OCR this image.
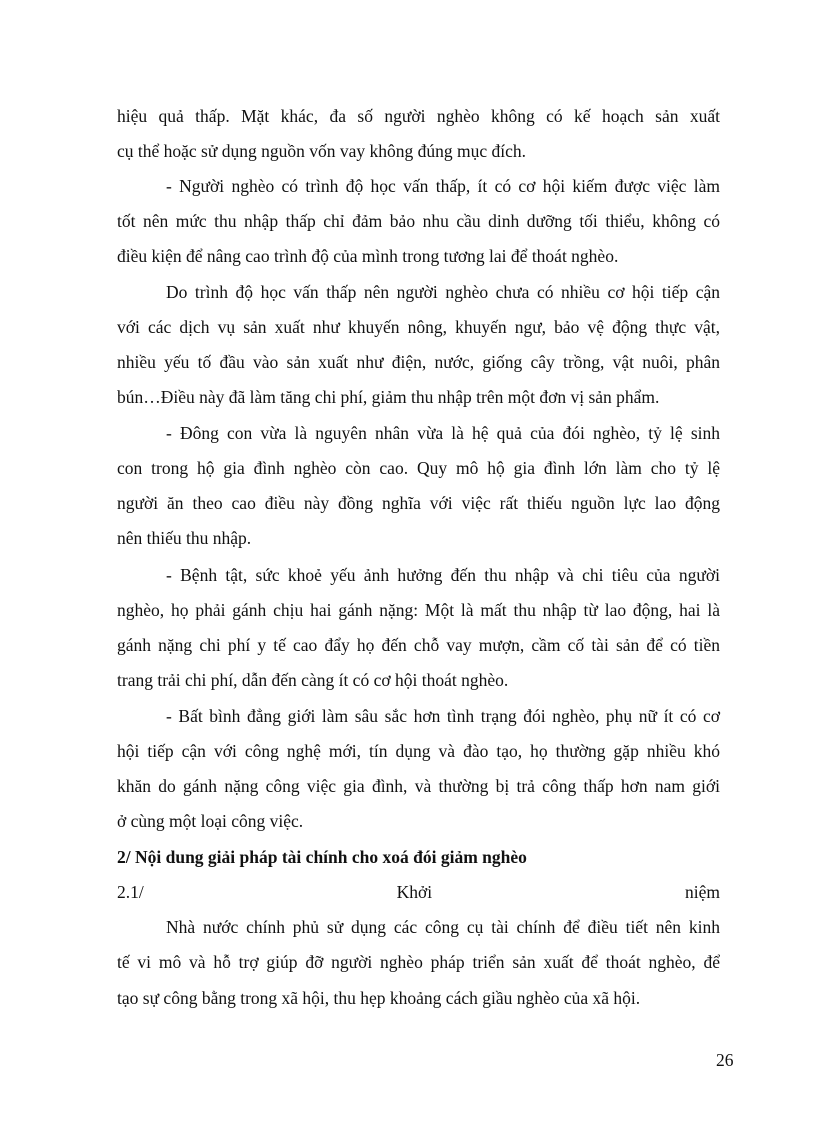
hiệu quả thấp. Mặt khác, đa số người nghèo không có kế hoạch sản xuất
cụ thể hoặc sử dụng nguồn vốn vay không đúng mục đích.
- Người nghèo có trình độ học vấn thấp, ít có cơ hội kiếm được việc làm
tốt nên mức thu nhập thấp chỉ đảm bảo nhu cầu dinh dưỡng tối thiểu, không có
điều kiện để nâng cao trình độ của mình trong tương lai để thoát nghèo.
Do trình độ học vấn thấp nên người nghèo chưa có nhiều cơ hội tiếp cận
với các dịch vụ sản xuất như khuyến nông, khuyến ngư, bảo vệ động thực vật,
nhiều yếu tố đầu vào sản xuất như điện, nước, giống cây trồng, vật nuôi, phân
bún…Điều này đã làm tăng chi phí, giảm thu nhập trên một đơn vị sản phẩm.
- Đông con vừa là nguyên nhân vừa là hệ quả của đói nghèo, tỷ lệ sinh
con trong hộ gia đình nghèo còn cao. Quy mô hộ gia đình lớn làm cho tỷ lệ
người ăn theo cao điều này đồng nghĩa với việc rất thiếu nguồn lực lao động
nên thiếu thu nhập.
- Bệnh tật, sức khoẻ yếu ảnh hưởng đến thu nhập và chi tiêu của người
nghèo, họ phải gánh chịu hai gánh nặng: Một là mất thu nhập từ lao động, hai là
gánh nặng chi phí y tế cao đẩy họ đến chỗ vay mượn, cầm cố tài sản để có tiền
trang trải chi phí, dẫn đến càng ít có cơ hội thoát nghèo.
- Bất bình đẳng giới làm sâu sắc hơn tình trạng đói nghèo, phụ nữ ít có cơ
hội tiếp cận với công nghệ mới, tín dụng và đào tạo, họ thường gặp nhiều khó
khăn do gánh nặng công việc gia đình, và thường bị trả công thấp hơn nam giới
ở cùng một loại công việc.
2/ Nội dung giải pháp tài chính cho xoá đói giảm nghèo
2.1/	Khởi	niệm
Nhà nước chính phủ sử dụng các công cụ tài chính để điều tiết nên kinh
tế vi mô và hỗ trợ giúp đỡ người nghèo pháp triển sản xuất để thoát nghèo, để
tạo sự công bằng trong xã hội, thu hẹp khoảng cách giầu nghèo của xã hội.
26
